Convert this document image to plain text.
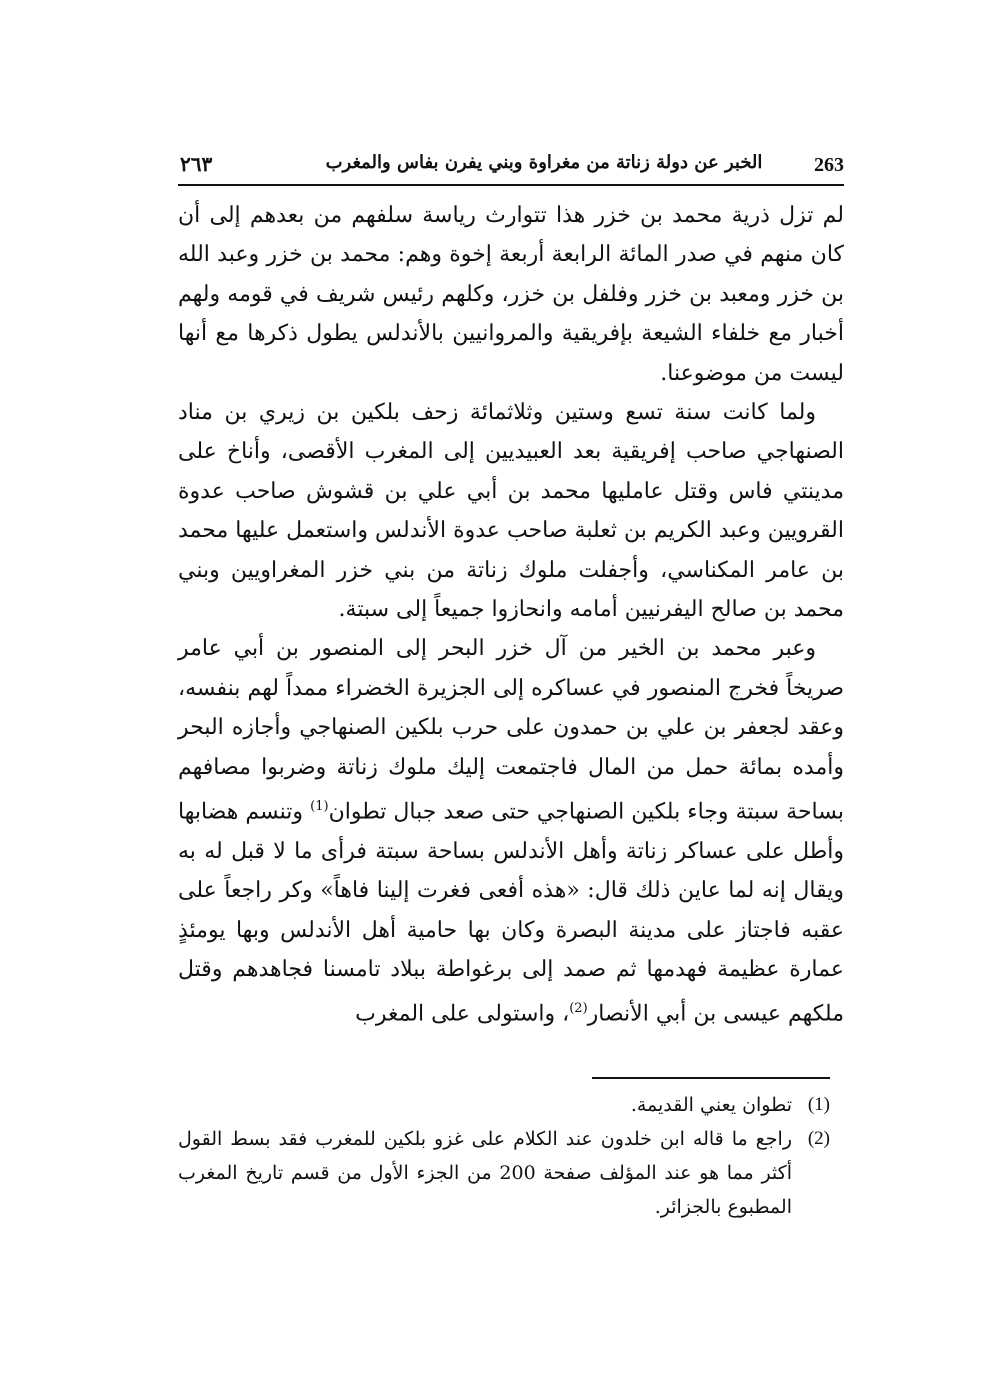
263
الخبر عن دولة زناتة من مغراوة وبني يفرن بفاس والمغرب
٢٦٣

لم تزل ذرية محمد بن خزر هذا تتوارث رياسة سلفهم من بعدهم إلى أن كان منهم في صدر المائة الرابعة أربعة إخوة وهم: محمد بن خزر وعبد الله بن خزر ومعبد بن خزر وفلفل بن خزر، وكلهم رئيس شريف في قومه ولهم أخبار مع خلفاء الشيعة بإفريقية والمروانيين بالأندلس يطول ذكرها مع أنها ليست من موضوعنا.

ولما كانت سنة تسع وستين وثلاثمائة زحف بلكين بن زيري بن مناد الصنهاجي صاحب إفريقية بعد العبيديين إلى المغرب الأقصى، وأناخ على مدينتي فاس وقتل عامليها محمد بن أبي علي بن قشوش صاحب عدوة القرويين وعبد الكريم بن ثعلبة صاحب عدوة الأندلس واستعمل عليها محمد بن عامر المكناسي، وأجفلت ملوك زناتة من بني خزر المغراويين وبني محمد بن صالح اليفرنيين أمامه وانحازوا جميعاً إلى سبتة.

وعبر محمد بن الخير من آل خزر البحر إلى المنصور بن أبي عامر صريخاً فخرج المنصور في عساكره إلى الجزيرة الخضراء ممداً لهم بنفسه، وعقد لجعفر بن علي بن حمدون على حرب بلكين الصنهاجي وأجازه البحر وأمده بمائة حمل من المال فاجتمعت إليك ملوك زناتة وضربوا مصافهم بساحة سبتة وجاء بلكين الصنهاجي حتى صعد جبال تطوان$^{(1)}$ وتنسم هضابها وأطل على عساكر زناتة وأهل الأندلس بساحة سبتة فرأى ما لا قبل له به ويقال إنه لما عاين ذلك قال: «هذه أفعى فغرت إلينا فاهاً» وكر راجعاً على عقبه فاجتاز على مدينة البصرة وكان بها حامية أهل الأندلس وبها يومئذٍ عمارة عظيمة فهدمها ثم صمد إلى برغواطة ببلاد تامسنا فجاهدهم وقتل ملكهم عيسى بن أبي الأنصار$^{(2)}$، واستولى على المغرب

(1)
تطوان يعني القديمة.
(2)
راجع ما قاله ابن خلدون عند الكلام على غزو بلكين للمغرب فقد بسط القول أكثر مما هو عند المؤلف صفحة 200 من الجزء الأول من قسم تاريخ المغرب المطبوع بالجزائر.
